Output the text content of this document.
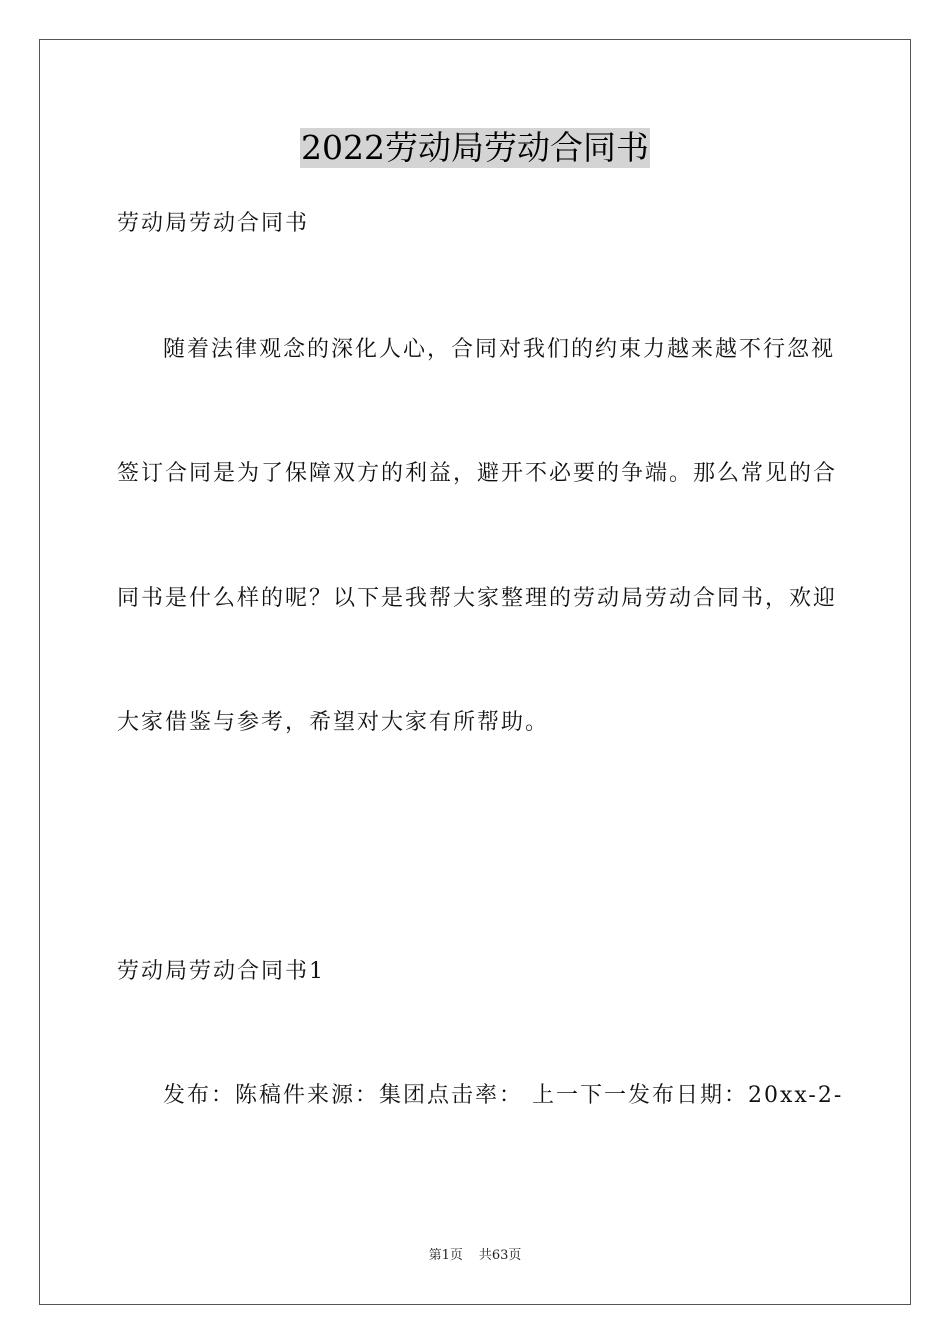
2022劳动局劳动合同书

劳动局劳动合同书

随着法律观念的深化人心，合同对我们的约束力越来越不行忽视

签订合同是为了保障双方的利益，避开不必要的争端。那么常见的合

同书是什么样的呢？以下是我帮大家整理的劳动局劳动合同书，欢迎

大家借鉴与参考，希望对大家有所帮助。

劳动局劳动合同书1

发布：陈稿件来源：集团点击率： 上一下一发布日期：20xx-2-

第1页 共63页
